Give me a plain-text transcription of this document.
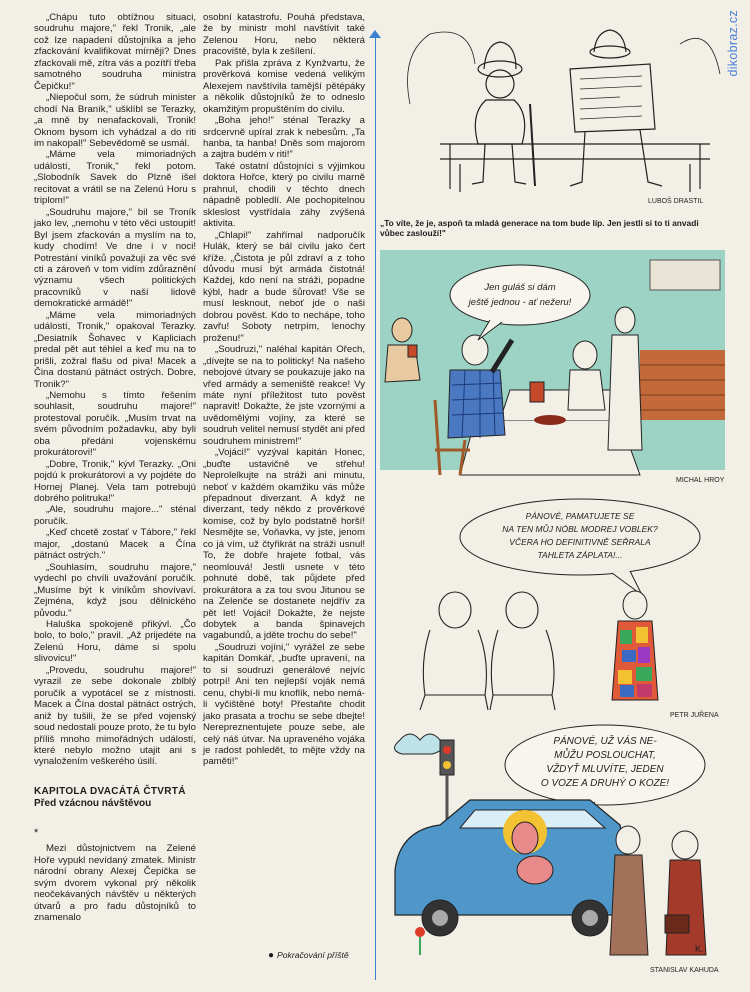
dikobraz.cz

„Chápu tuto obtížnou situaci, soudruhu majore," řekl Tronik, „ale což Ize napadení důstojníka a jeho zfackování kvalifikovat mírněji? Dnes zfackovali mě, zítra vás a pozítří třeba samotného soudruha ministra Čepičku!"

„Niepočul som, že súdruh minister chodí Na Braník," ušklíbl se Terazky, „a mně by nenafackovali, Tronik! Oknom bysom ich vyhádzal a do riti im nakopal!" Sebevědomě se usmál.

„Máme vela mimoriadných událostí, Tronik," řekl potom. „Slobodník Savek do Plzně išel recitovat a vrátil se na Zelenú Horu s triplom!"

„Soudruhu majore," bil se Troník jako lev, „nemohu v této věci ustoupit! Byl jsem zfackován a myslím na to, kudy chodím! Ve dne i v noci! Potrestání viníků považuji za věc své cti a zároveň v tom vidím zdůraznění významu všech politických pracovníků v naší lidově demokratické armádě!"

„Máme vela mimoriadných událostí, Tronik," opakoval Terazky. „Desiatník Šohavec v Kapliciach predal pět aut téhlel a keď mu na to prišli, zožral flašu od piva! Macek a Čina dostanú pätnáct ostrých. Dobre, Tronik?"

„Nemohu s tímto řešením souhlasit, soudruhu majore!" protestoval poručík. „Musím trvat na svém původním požadavku, aby byli oba předáni vojenskému prokurátorovi!"

„Dobre, Tronik," kývl Terazky. „Oni pojdú k prokurátorovi a vy pojdéte do Hornej Planej. Vela tam potrebujú dobrého politruka!"

„Ale, soudruhu majore..." sténal poručík.

„Keď chcetě zostať v Tábore," řekl major, „dostanú Macek a Čína pätnáct ostrých."

„Souhlasím, soudruhu majore," vydechl po chvíli uvažování poručík. „Musíme být k viníkům shovívaví. Zejména, když jsou dělnického původu."

Haluška spokojeně přikývl. „Čo bolo, to bolo," pravil. „Až prijedéte na Zelenú Horu, dáme si spolu slivovicu!"

„Provedu, soudruhu majore!" vyrazil ze sebe dokonale zblblý poručík a vypotácel se z místnosti. Macek a Čína dostal pätnáct ostrých, aniž by tušili, že se před vojenský soud nedostali pouze proto, že tu bylo příliš mnoho mimořádných událostí, které nebylo možno utajit ani s vynaložením veškerého úsilí.

KAPITOLA DVACÁTÁ ČTVRTÁ
Před vzácnou návštěvou
*

Mezi důstojnictvem na Zelené Hoře vypukl nevídaný zmatek. Ministr národní obrany Alexej Čepička se svým dvorem vykonal prý několik neočekávaných návštěv u některých útvarů a pro řadu důstojníků to znamenalo

osobní katastrofu. Pouhá představa, že by ministr mohl navštívit také Zelenou Horu, nebo některá pracoviště, byla k zešílení.

Pak přišla zpráva z Kynžvartu, že prověrková komise vedená velikým Alexejem navštívila tamější pětépáky a několik důstojníků že to odneslo okamžitým propuštěním do civilu.

„Boha jeho!" sténal Terazky a srdcervně upíral zrak k nebesům. „Ta hanba, ta hanba! Dněs som majorom a zajtra budém v riti!"

Také ostatní důstojníci s výjimkou doktora Hořce, který po civilu marně prahnul, chodili v těchto dnech nápadně pobledlí. Ale pochopitelnou skleslost vystřídala záhy zvýšená aktivita.

„Chlapi!" zahřímal nadporučík Hulák, který se bál civilu jako čert kříže. „Čistota je půl zdraví a z toho důvodu musí být armáda čistotná! Každej, kdo není na stráži, popadne kýbl, hadr a bude šůrovat! Vše se musí lesknout, neboť jde o naši dobrou pověst. Kdo to nechápe, toho zavřu! Soboty netrpím, lenochy proženu!"

„Soudruzi," naléhal kapitán Ořech, „dívejte se na to politicky! Na našeho nebojové útvary se poukazuje jako na vřed armády a semeniště reakce! Vy máte nyní příležitost tuto pověst napravit! Dokažte, že jste vzornými a uvědomělými vojíny, za které se soudruh velitel nemusí stydět ani před soudruhem ministrem!"

„Vojáci!" vyzýval kapitán Honec, „buďte ustavičně ve střehu! Neprolelkujte na stráži ani minutu, neboť v každém okamžiku vás může přepadnout diverzant. A když ne diverzant, tedy někdo z prověrkové komise, což by bylo podstatně horší! Nesmějte se, Voňavka, vy jste, jenom co já vím, už čtyřikrát na stráži usnul! To, že dobře hrajete fotbal, vás neomlouvá! Jestli usnete v této pohnuté době, tak půjdete před prokurátora a za tou svou Jitunou se na Zelenče se dostanete nejdřív za pět let! Vojáci! Dokažte, že nejste dobytek a banda špinavejch vagabundů, a jděte trochu do sebe!"

„Soudruzi vojíni," vyrážel ze sebe kapitán Domkář, „buďte upravení, na to si soudruzi generálové nejvíc potrpí! Ani ten nejlepší voják nemá cenu, chybí-li mu knoflík, nebo nemá-li vyčištěné boty! Přestaňte chodit jako prasata a trochu se sebe dbejte! Nerepreznentujete pouze sebe, ale celý náš útvar. Na upraveného vojáka je radost pohledět, to mějte vždy na paměti!"

● Pokračování příště
LUBOŠ DRASTIL
„To víte, že je, aspoň ta mladá generace na tom bude líp. Jen jestli si to ti anvadi vůbec zaslouží!"
Jen guláš si dám
ještě jednou - ať nežeru!
MICHAL HROY
PÁNOVÉ, PAMATUJETE SE
NA TEN MŮJ NÓBL MODREJ VOBLEK?
VČERA HO DEFINITIVNĚ SEŘRALA
TAHLETA ZÁPLATA!...
PETR JUŘENA
PÁNOVÉ, UŽ VÁS NE-
MŮŽU POSLOUCHAT,
VŽDYŤ MLUVÍTE, JEDEN
O VOZE A DRUHÝ O KOZE!
K.
STANISLAV KAHUDA
